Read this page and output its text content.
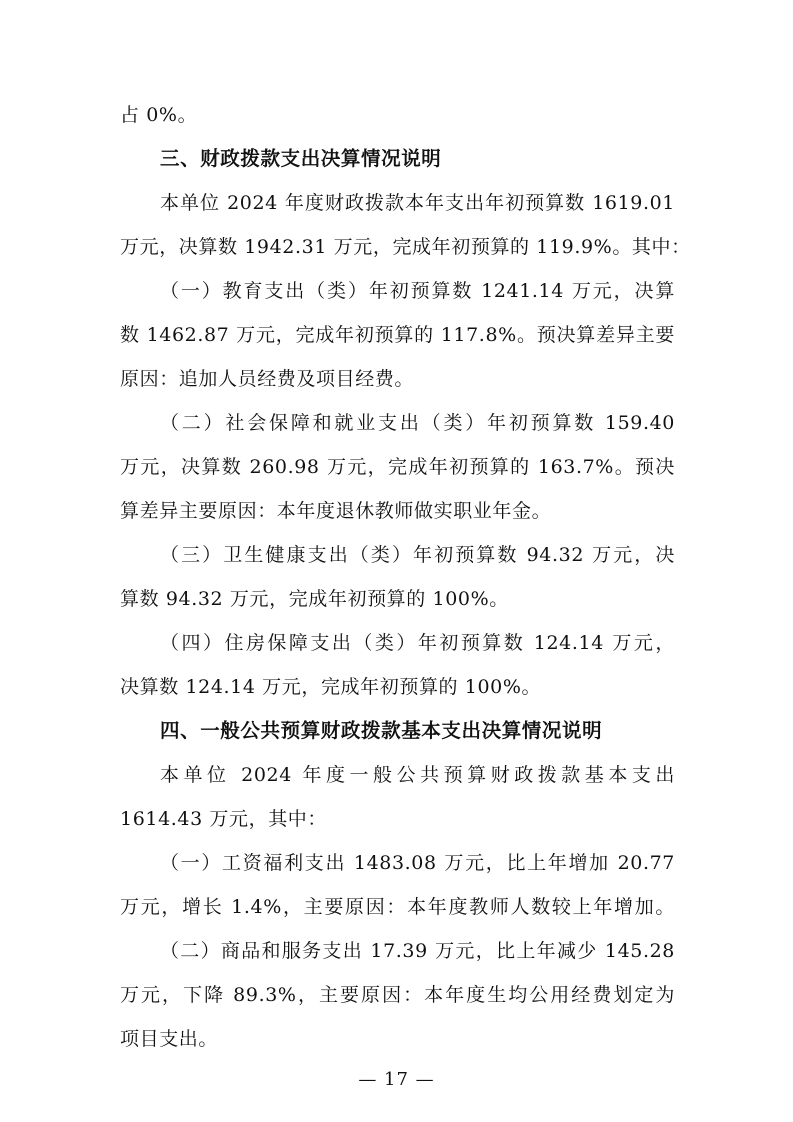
占 0%。
三、财政拨款支出决算情况说明
本单位 2024 年度财政拨款本年支出年初预算数 1619.01
万元，决算数 1942.31 万元，完成年初预算的 119.9%。其中：
（一）教育支出（类）年初预算数 1241.14 万元，决算
数 1462.87 万元，完成年初预算的 117.8%。预决算差异主要
原因：追加人员经费及项目经费。
（二）社会保障和就业支出（类）年初预算数 159.40
万元，决算数 260.98 万元，完成年初预算的 163.7%。预决
算差异主要原因：本年度退休教师做实职业年金。
（三）卫生健康支出（类）年初预算数 94.32 万元，决
算数 94.32 万元，完成年初预算的 100%。
（四）住房保障支出（类）年初预算数 124.14 万元，
决算数 124.14 万元，完成年初预算的 100%。
四、一般公共预算财政拨款基本支出决算情况说明
本单位 2024 年度一般公共预算财政拨款基本支出
1614.43 万元，其中：
（一）工资福利支出 1483.08 万元，比上年增加 20.77
万元，增长 1.4%，主要原因：本年度教师人数较上年增加。
（二）商品和服务支出 17.39 万元，比上年减少 145.28
万元，下降 89.3%，主要原因：本年度生均公用经费划定为
项目支出。
— 17 —
